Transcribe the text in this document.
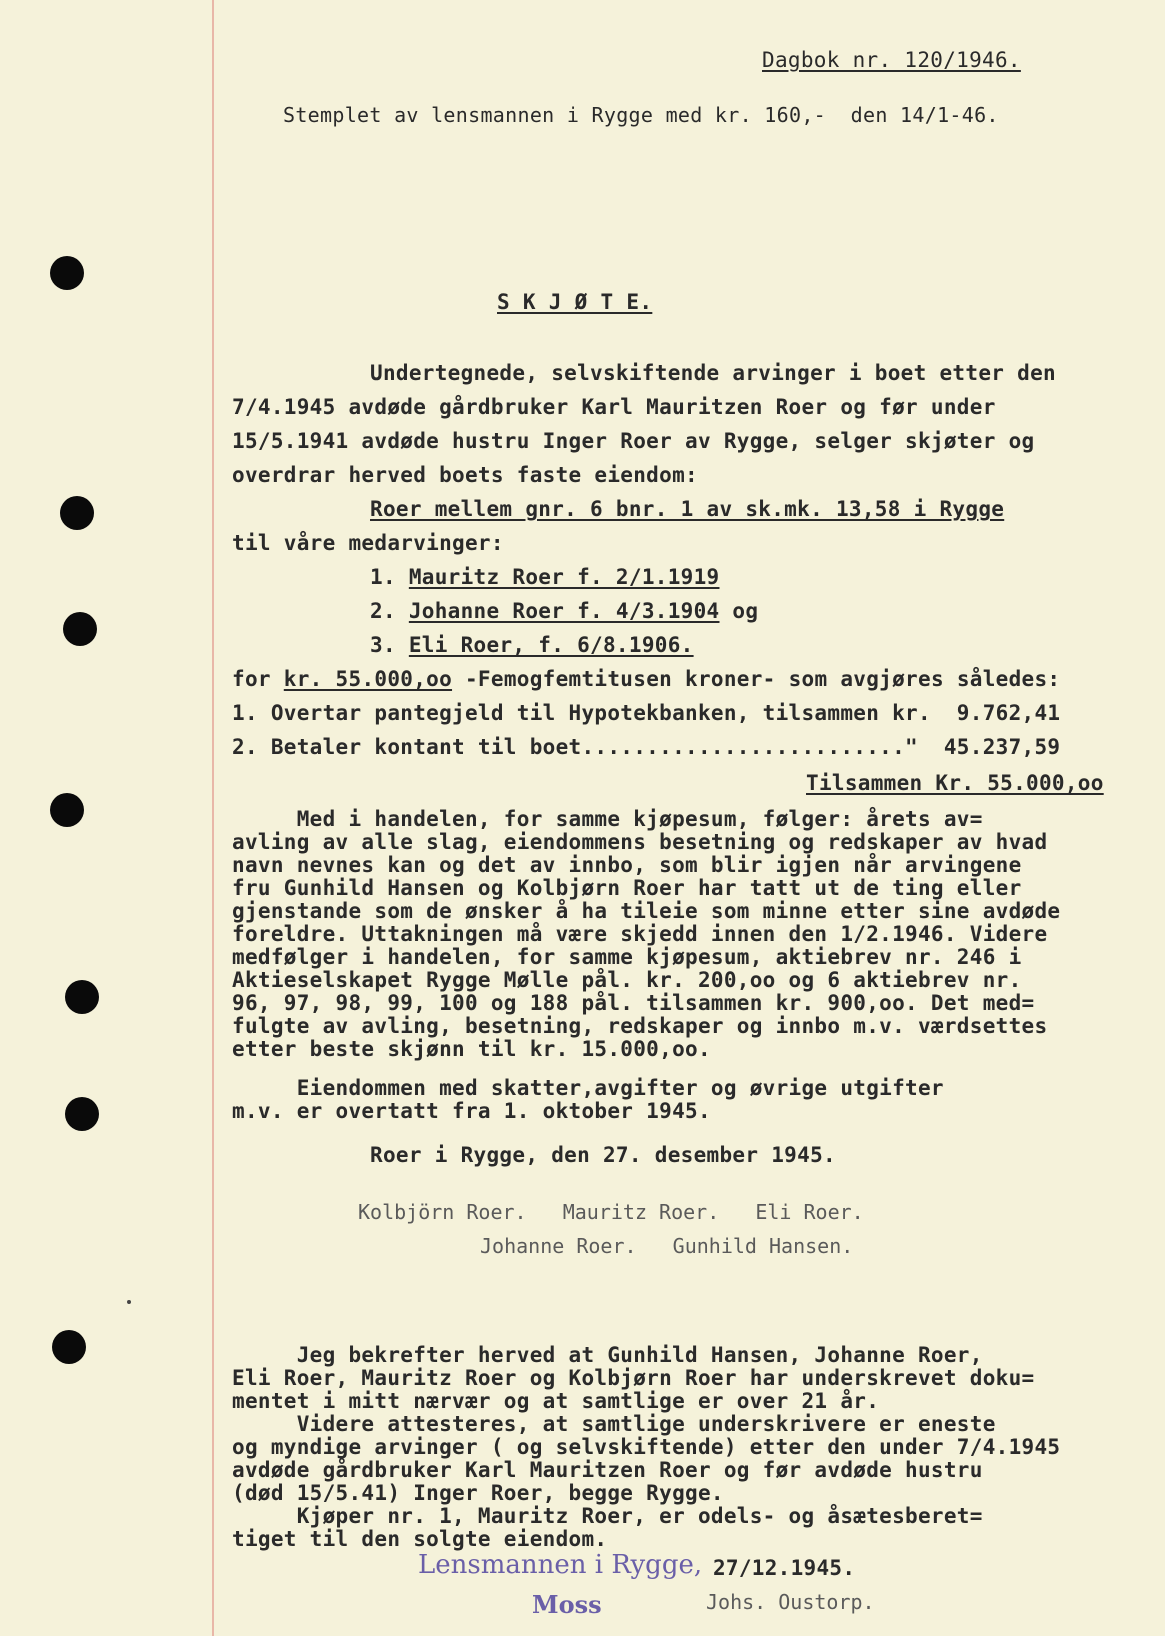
Dagbok nr. 120/1946.
Stemplet av lensmannen i Rygge med kr. 160,-  den 14/1-46.
S K J Ø T E.
Undertegnede, selvskiftende arvinger i boet etter den
7/4.1945 avdøde gårdbruker Karl Mauritzen Roer og før under
15/5.1941 avdøde hustru Inger Roer av Rygge, selger skjøter og
overdrar herved boets faste eiendom:
Roer mellem gnr. 6 bnr. 1 av sk.mk. 13,58 i Rygge
til våre medarvinger:
1. Mauritz Roer f. 2/1.1919
2. Johanne Roer f. 4/3.1904 og
3. Eli Roer, f. 6/8.1906.
for kr. 55.000,oo -Femogfemtitusen kroner- som avgjøres således:
1. Overtar pantegjeld til Hypotekbanken, tilsammen kr.  9.762,41
2. Betaler kontant til boet........................."  45.237,59
Tilsammen Kr. 55.000,oo
Med i handelen, for samme kjøpesum, følger: årets av=
avling av alle slag, eiendommens besetning og redskaper av hvad
navn nevnes kan og det av innbo, som blir igjen når arvingene
fru Gunhild Hansen og Kolbjørn Roer har tatt ut de ting eller
gjenstande som de ønsker å ha tileie som minne etter sine avdøde
foreldre. Uttakningen må være skjedd innen den 1/2.1946. Videre
medfølger i handelen, for samme kjøpesum, aktiebrev nr. 246 i
Aktieselskapet Rygge Mølle pål. kr. 200,oo og 6 aktiebrev nr.
96, 97, 98, 99, 100 og 188 pål. tilsammen kr. 900,oo. Det med=
fulgte av avling, besetning, redskaper og innbo m.v. værdsettes
etter beste skjønn til kr. 15.000,oo.
Eiendommen med skatter,avgifter og øvrige utgifter
m.v. er overtatt fra 1. oktober 1945.
Roer i Rygge, den 27. desember 1945.
Kolbjörn Roer.   Mauritz Roer.   Eli Roer.
Johanne Roer.   Gunhild Hansen.
Jeg bekrefter herved at Gunhild Hansen, Johanne Roer,
Eli Roer, Mauritz Roer og Kolbjørn Roer har underskrevet doku=
mentet i mitt nærvær og at samtlige er over 21 år.
Videre attesteres, at samtlige underskrivere er eneste
og myndige arvinger ( og selvskiftende) etter den under 7/4.1945
avdøde gårdbruker Karl Mauritzen Roer og før avdøde hustru
(død 15/5.41) Inger Roer, begge Rygge.
Kjøper nr. 1, Mauritz Roer, er odels- og åsætesberet=
tiget til den solgte eiendom.
Lensmannen i Rygge,
27/12.1945.
Moss	Johs. Oustorp.
